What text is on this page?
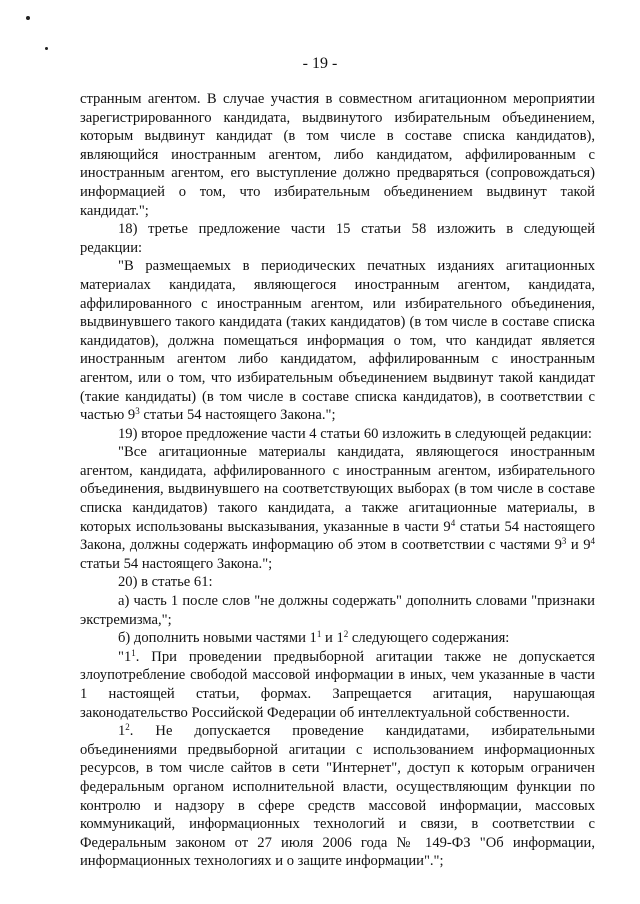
- 19 -

странным агентом. В случае участия в совместном агитационном мероприятии зарегистрированного кандидата, выдвинутого избирательным объединением, которым выдвинут кандидат (в том числе в составе списка кандидатов), являющийся иностранным агентом, либо кандидатом, аффилированным с иностранным агентом, его выступление должно предваряться (сопровождаться) информацией о том, что избирательным объединением выдвинут такой кандидат.";

18) третье предложение части 15 статьи 58 изложить в следующей редакции:

"В размещаемых в периодических печатных изданиях агитационных материалах кандидата, являющегося иностранным агентом, кандидата, аффилированного с иностранным агентом, или избирательного объединения, выдвинувшего такого кандидата (таких кандидатов) (в том числе в составе списка кандидатов), должна помещаться информация о том, что кандидат является иностранным агентом либо кандидатом, аффилированным с иностранным агентом, или о том, что избирательным объединением выдвинут такой кандидат (такие кандидаты) (в том числе в составе списка кандидатов), в соответствии с частью $9^3$ статьи 54 настоящего Закона.";

19) второе предложение части 4 статьи 60 изложить в следующей редакции:

"Все агитационные материалы кандидата, являющегося иностранным агентом, кандидата, аффилированного с иностранным агентом, избирательного объединения, выдвинувшего на соответствующих выборах (в том числе в составе списка кандидатов) такого кандидата, а также агитационные материалы, в которых использованы высказывания, указанные в части $9^4$ статьи 54 настоящего Закона, должны содержать информацию об этом в соответствии с частями $9^3$ и $9^4$ статьи 54 настоящего Закона.";

20) в статье 61:

а) часть 1 после слов "не должны содержать" дополнить словами "признаки экстремизма,";

б) дополнить новыми частями $1^1$ и $1^2$ следующего содержания:

"$1^1$. При проведении предвыборной агитации также не допускается злоупотребление свободой массовой информации в иных, чем указанные в части 1 настоящей статьи, формах. Запрещается агитация, нарушающая законодательство Российской Федерации об интеллектуальной собственности.

$1^2$. Не допускается проведение кандидатами, избирательными объединениями предвыборной агитации с использованием информационных ресурсов, в том числе сайтов в сети "Интернет", доступ к которым ограничен федеральным органом исполнительной власти, осуществляющим функции по контролю и надзору в сфере средств массовой информации, массовых коммуникаций, информационных технологий и связи, в соответствии с Федеральным законом от 27 июля 2006 года № 149-ФЗ "Об информации, информационных технологиях и о защите информации".";
